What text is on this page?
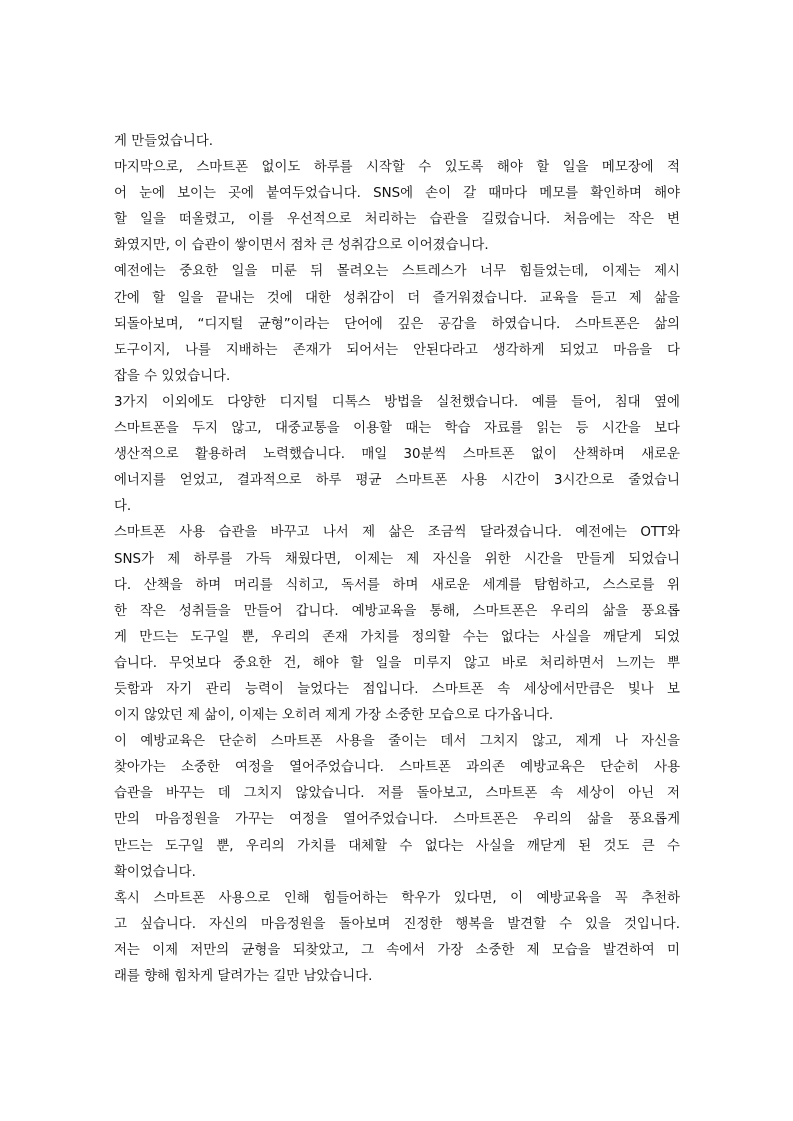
게 만들었습니다.
마지막으로, 스마트폰 없이도 하루를 시작할 수 있도록 해야 할 일을 메모장에 적
어 눈에 보이는 곳에 붙여두었습니다. SNS에 손이 갈 때마다 메모를 확인하며 해야
할 일을 떠올렸고, 이를 우선적으로 처리하는 습관을 길렀습니다. 처음에는 작은 변
화였지만, 이 습관이 쌓이면서 점차 큰 성취감으로 이어졌습니다.
예전에는 중요한 일을 미룬 뒤 몰려오는 스트레스가 너무 힘들었는데, 이제는 제시
간에 할 일을 끝내는 것에 대한 성취감이 더 즐거워졌습니다. 교육을 듣고 제 삶을
되돌아보며, “디지털 균형”이라는 단어에 깊은 공감을 하였습니다. 스마트폰은 삶의
도구이지, 나를 지배하는 존재가 되어서는 안된다라고 생각하게 되었고 마음을 다
잡을 수 있었습니다.
3가지 이외에도 다양한 디지털 디톡스 방법을 실천했습니다. 예를 들어, 침대 옆에
스마트폰을 두지 않고, 대중교통을 이용할 때는 학습 자료를 읽는 등 시간을 보다
생산적으로 활용하려 노력했습니다. 매일 30분씩 스마트폰 없이 산책하며 새로운
에너지를 얻었고, 결과적으로 하루 평균 스마트폰 사용 시간이 3시간으로 줄었습니
다.
스마트폰 사용 습관을 바꾸고 나서 제 삶은 조금씩 달라졌습니다. 예전에는 OTT와
SNS가 제 하루를 가득 채웠다면, 이제는 제 자신을 위한 시간을 만들게 되었습니
다. 산책을 하며 머리를 식히고, 독서를 하며 새로운 세계를 탐험하고, 스스로를 위
한 작은 성취들을 만들어 갑니다. 예방교육을 통해, 스마트폰은 우리의 삶을 풍요롭
게 만드는 도구일 뿐, 우리의 존재 가치를 정의할 수는 없다는 사실을 깨닫게 되었
습니다. 무엇보다 중요한 건, 해야 할 일을 미루지 않고 바로 처리하면서 느끼는 뿌
듯함과 자기 관리 능력이 늘었다는 점입니다. 스마트폰 속 세상에서만큼은 빛나 보
이지 않았던 제 삶이, 이제는 오히려 제게 가장 소중한 모습으로 다가옵니다.
이 예방교육은 단순히 스마트폰 사용을 줄이는 데서 그치지 않고, 제게 나 자신을
찾아가는 소중한 여정을 열어주었습니다. 스마트폰 과의존 예방교육은 단순히 사용
습관을 바꾸는 데 그치지 않았습니다. 저를 돌아보고, 스마트폰 속 세상이 아닌 저
만의 마음정원을 가꾸는 여정을 열어주었습니다. 스마트폰은 우리의 삶을 풍요롭게
만드는 도구일 뿐, 우리의 가치를 대체할 수 없다는 사실을 깨닫게 된 것도 큰 수
확이었습니다.
혹시 스마트폰 사용으로 인해 힘들어하는 학우가 있다면, 이 예방교육을 꼭 추천하
고 싶습니다. 자신의 마음정원을 돌아보며 진정한 행복을 발견할 수 있을 것입니다.
저는 이제 저만의 균형을 되찾았고, 그 속에서 가장 소중한 제 모습을 발견하여 미
래를 향해 힘차게 달려가는 길만 남았습니다.
